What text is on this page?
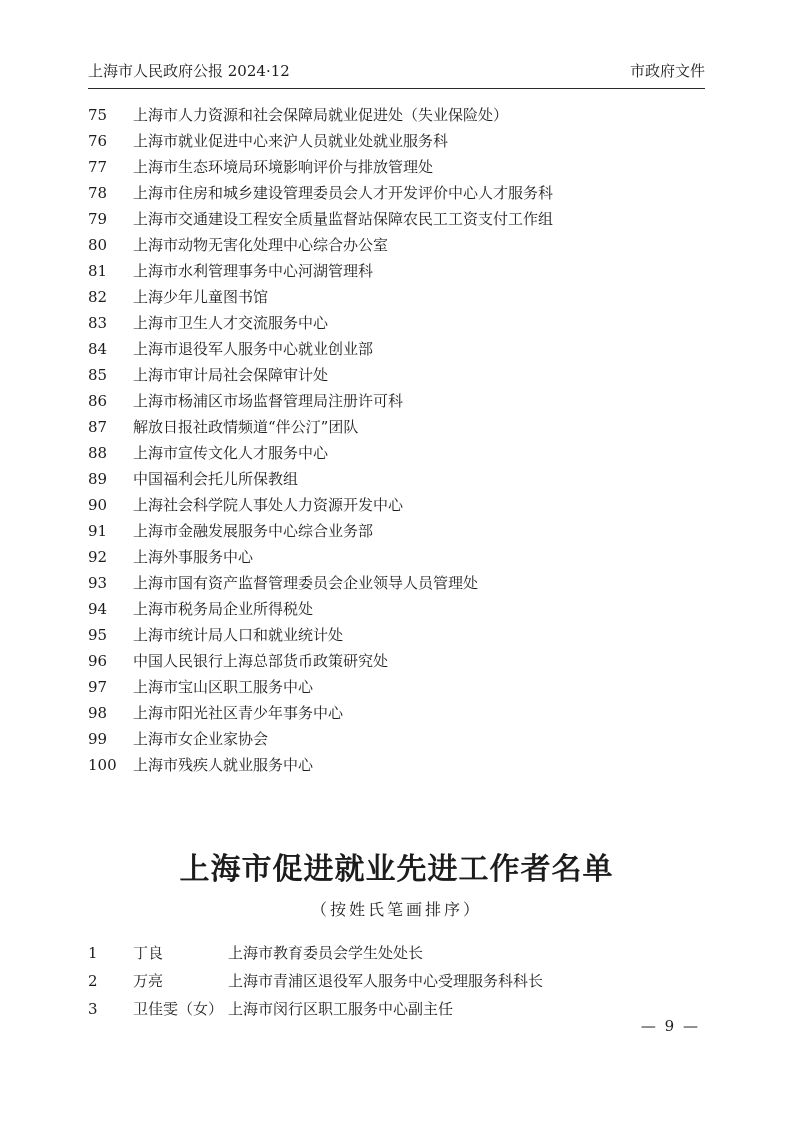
上海市人民政府公报 2024·12	市政府文件
75	上海市人力资源和社会保障局就业促进处（失业保险处）
76	上海市就业促进中心来沪人员就业处就业服务科
77	上海市生态环境局环境影响评价与排放管理处
78	上海市住房和城乡建设管理委员会人才开发评价中心人才服务科
79	上海市交通建设工程安全质量监督站保障农民工工资支付工作组
80	上海市动物无害化处理中心综合办公室
81	上海市水利管理事务中心河湖管理科
82	上海少年儿童图书馆
83	上海市卫生人才交流服务中心
84	上海市退役军人服务中心就业创业部
85	上海市审计局社会保障审计处
86	上海市杨浦区市场监督管理局注册许可科
87	解放日报社政情频道“伴公汀”团队
88	上海市宣传文化人才服务中心
89	中国福利会托儿所保教组
90	上海社会科学院人事处人力资源开发中心
91	上海市金融发展服务中心综合业务部
92	上海外事服务中心
93	上海市国有资产监督管理委员会企业领导人员管理处
94	上海市税务局企业所得税处
95	上海市统计局人口和就业统计处
96	中国人民银行上海总部货币政策研究处
97	上海市宝山区职工服务中心
98	上海市阳光社区青少年事务中心
99	上海市女企业家协会
100	上海市残疾人就业服务中心
上海市促进就业先进工作者名单
（按姓氏笔画排序）
1	丁良	上海市教育委员会学生处处长
2	万亮	上海市青浦区退役军人服务中心受理服务科科长
3	卫佳雯（女） 上海市闵行区职工服务中心副主任
— 9 —
